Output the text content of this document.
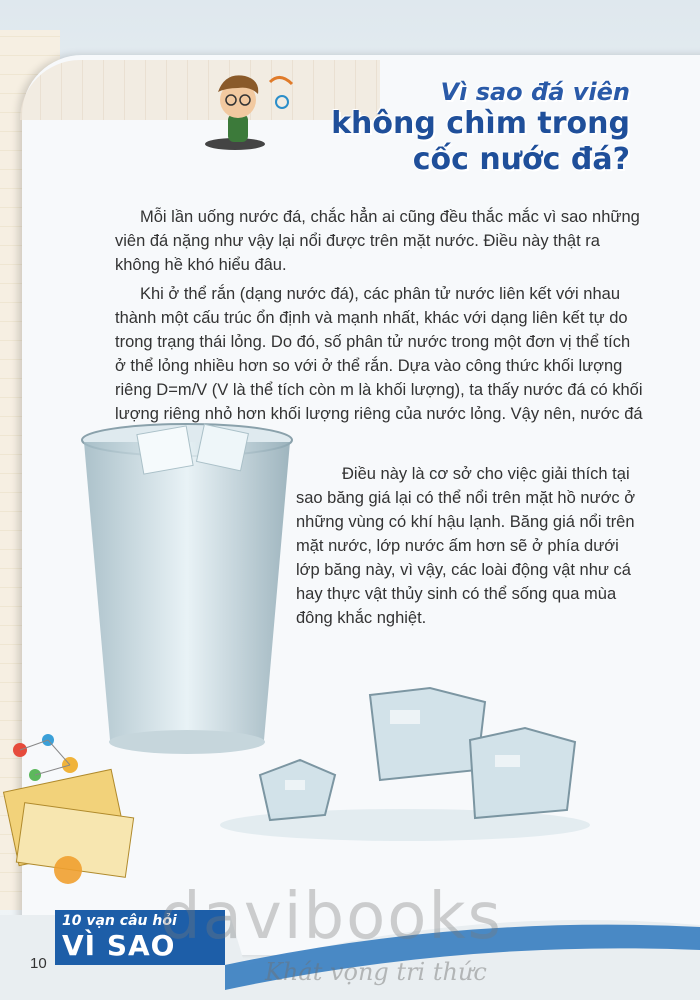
Vì sao đá viên
không chìm trong
cốc nước đá?

Mỗi lần uống nước đá, chắc hẳn ai cũng đều thắc mắc vì sao những viên đá nặng như vậy lại nổi được trên mặt nước. Điều này thật ra không hề khó hiểu đâu.

Khi ở thể rắn (dạng nước đá), các phân tử nước liên kết với nhau thành một cấu trúc ổn định và mạnh nhất, khác với dạng liên kết tự do trong trạng thái lỏng. Do đó, số phân tử nước trong một đơn vị thể tích ở thể lỏng nhiều hơn so với ở thể rắn. Dựa vào công thức khối lượng riêng D=m/V (V là thể tích còn m là khối lượng), ta thấy nước đá có khối lượng riêng nhỏ hơn khối lượng riêng của nước lỏng. Vậy nên, nước đá

Điều này là cơ sở cho việc giải thích tại sao băng giá lại có thể nổi trên mặt hồ nước ở những vùng có khí hậu lạnh. Băng giá nổi trên mặt nước, lớp nước ấm hơn sẽ ở phía dưới lớp băng này, vì vậy, các loài động vật như cá hay thực vật thủy sinh có thể sống qua mùa đông khắc nghiệt.

10 vạn câu hỏi
VÌ SAO
10
davibooks
Khát vọng tri thức
